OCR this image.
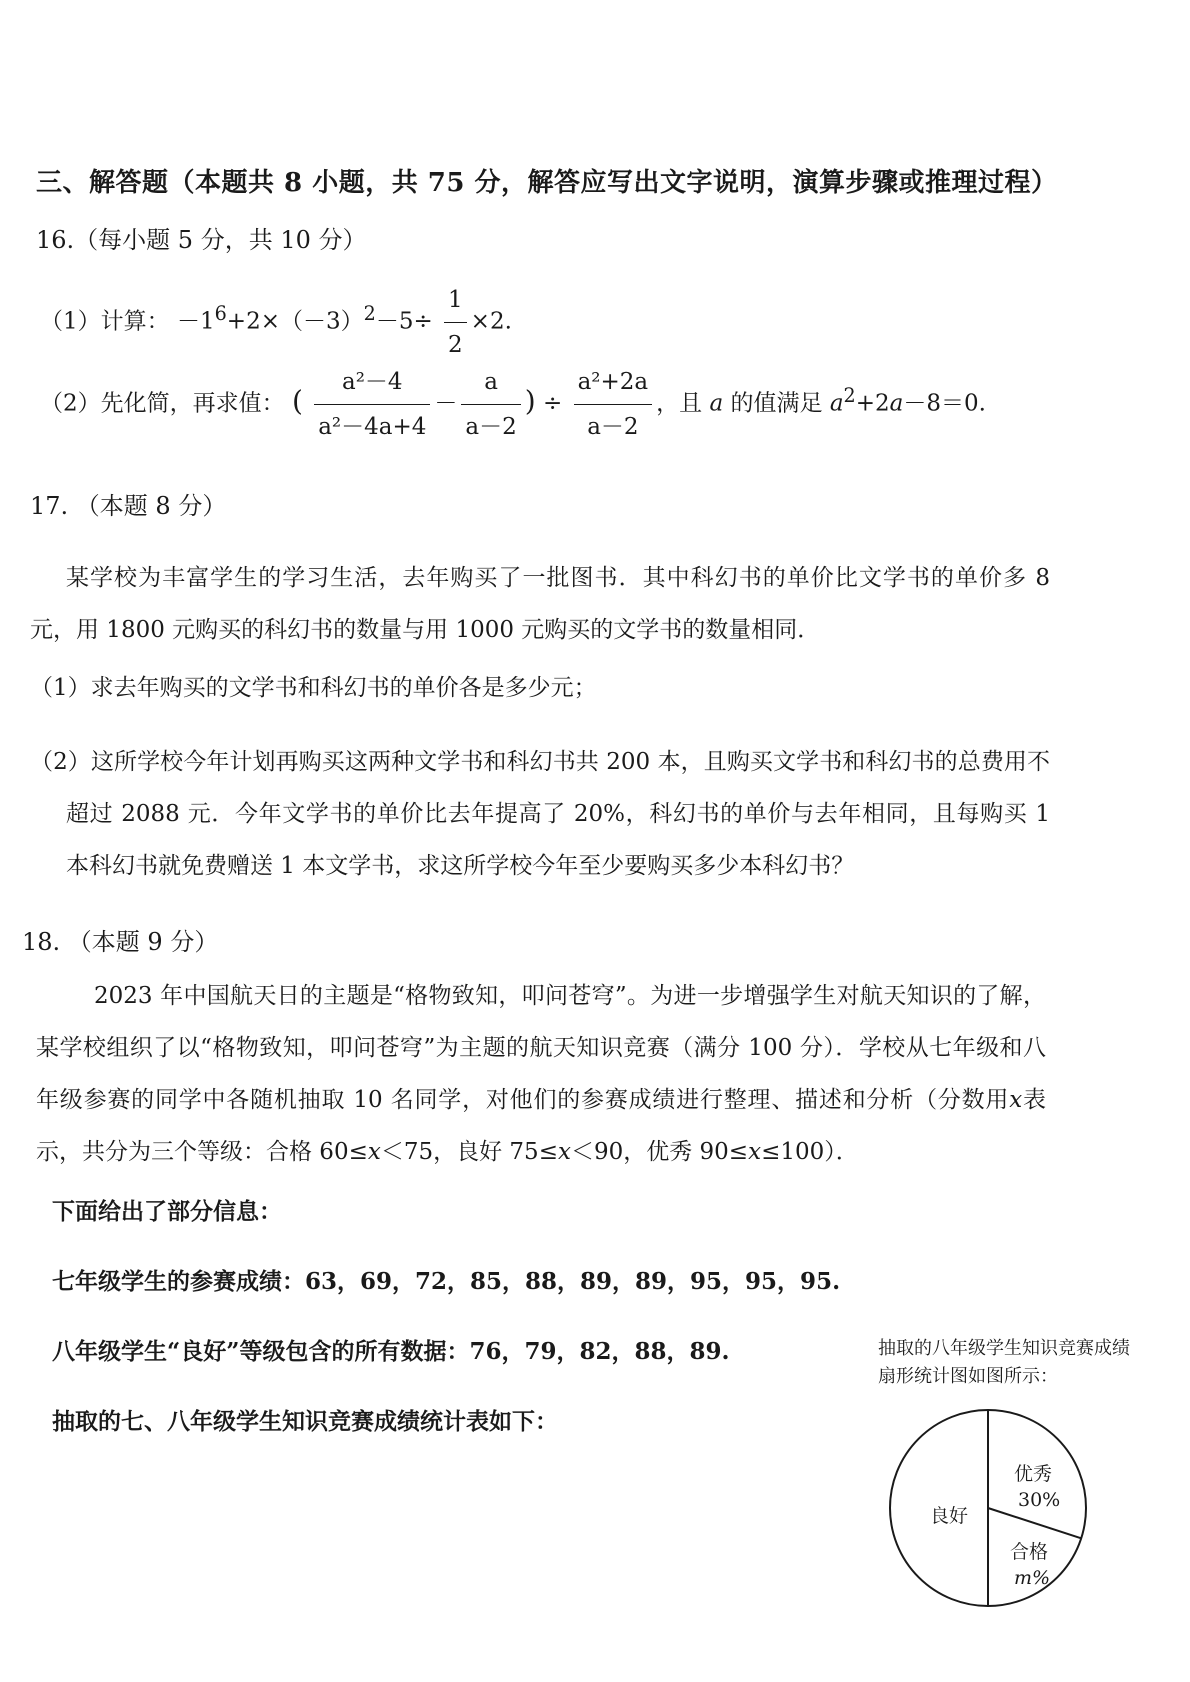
三、解答题（本题共 8 小题，共 75 分，解答应写出文字说明，演算步骤或推理过程）
16.（每小题 5 分，共 10 分）
（1）计算： $-1^6+2\times(-3)^2-5\div \frac{1}{2} \times 2$.
（2）先化简，再求值： ( $\frac{\text{a²－4}}{\text{a²－4a+4}} - \frac{a}{a-2}$ ) ÷ $\frac{\text{a²+2a}}{a-2}$ ，且 a 的值满足 $a^2+2a-8=0$.
17. （本题 8 分）
某学校为丰富学生的学习生活，去年购买了一批图书．其中科幻书的单价比文学书的单价多 8 元，用 1800 元购买的科幻书的数量与用 1000 元购买的文学书的数量相同．
（1）求去年购买的文学书和科幻书的单价各是多少元；
（2）这所学校今年计划再购买这两种文学书和科幻书共 200 本，且购买文学书和科幻书的总费用不超过 2088 元．今年文学书的单价比去年提高了 20%，科幻书的单价与去年相同，且每购买 1 本科幻书就免费赠送 1 本文学书，求这所学校今年至少要购买多少本科幻书？
18. （本题 9 分）
2023 年中国航天日的主题是“格物致知，叩问苍穹”。为进一步增强学生对航天知识的了解，某学校组织了以“格物致知，叩问苍穹”为主题的航天知识竞赛（满分 100 分）．学校从七年级和八年级参赛的同学中各随机抽取 10 名同学，对他们的参赛成绩进行整理、描述和分析（分数用x表示，共分为三个等级：合格 60≤x＜75，良好 75≤x＜90，优秀 90≤x≤100）．
下面给出了部分信息：
七年级学生的参赛成绩：63，69，72，85，88，89，89，95，95，95.
八年级学生“良好”等级包含的所有数据：76，79，82，88，89.
抽取的七、八年级学生知识竞赛成绩统计表如下：
抽取的八年级学生知识竞赛成绩扇形统计图如图所示：
良好
优秀
30%
合格
m%
